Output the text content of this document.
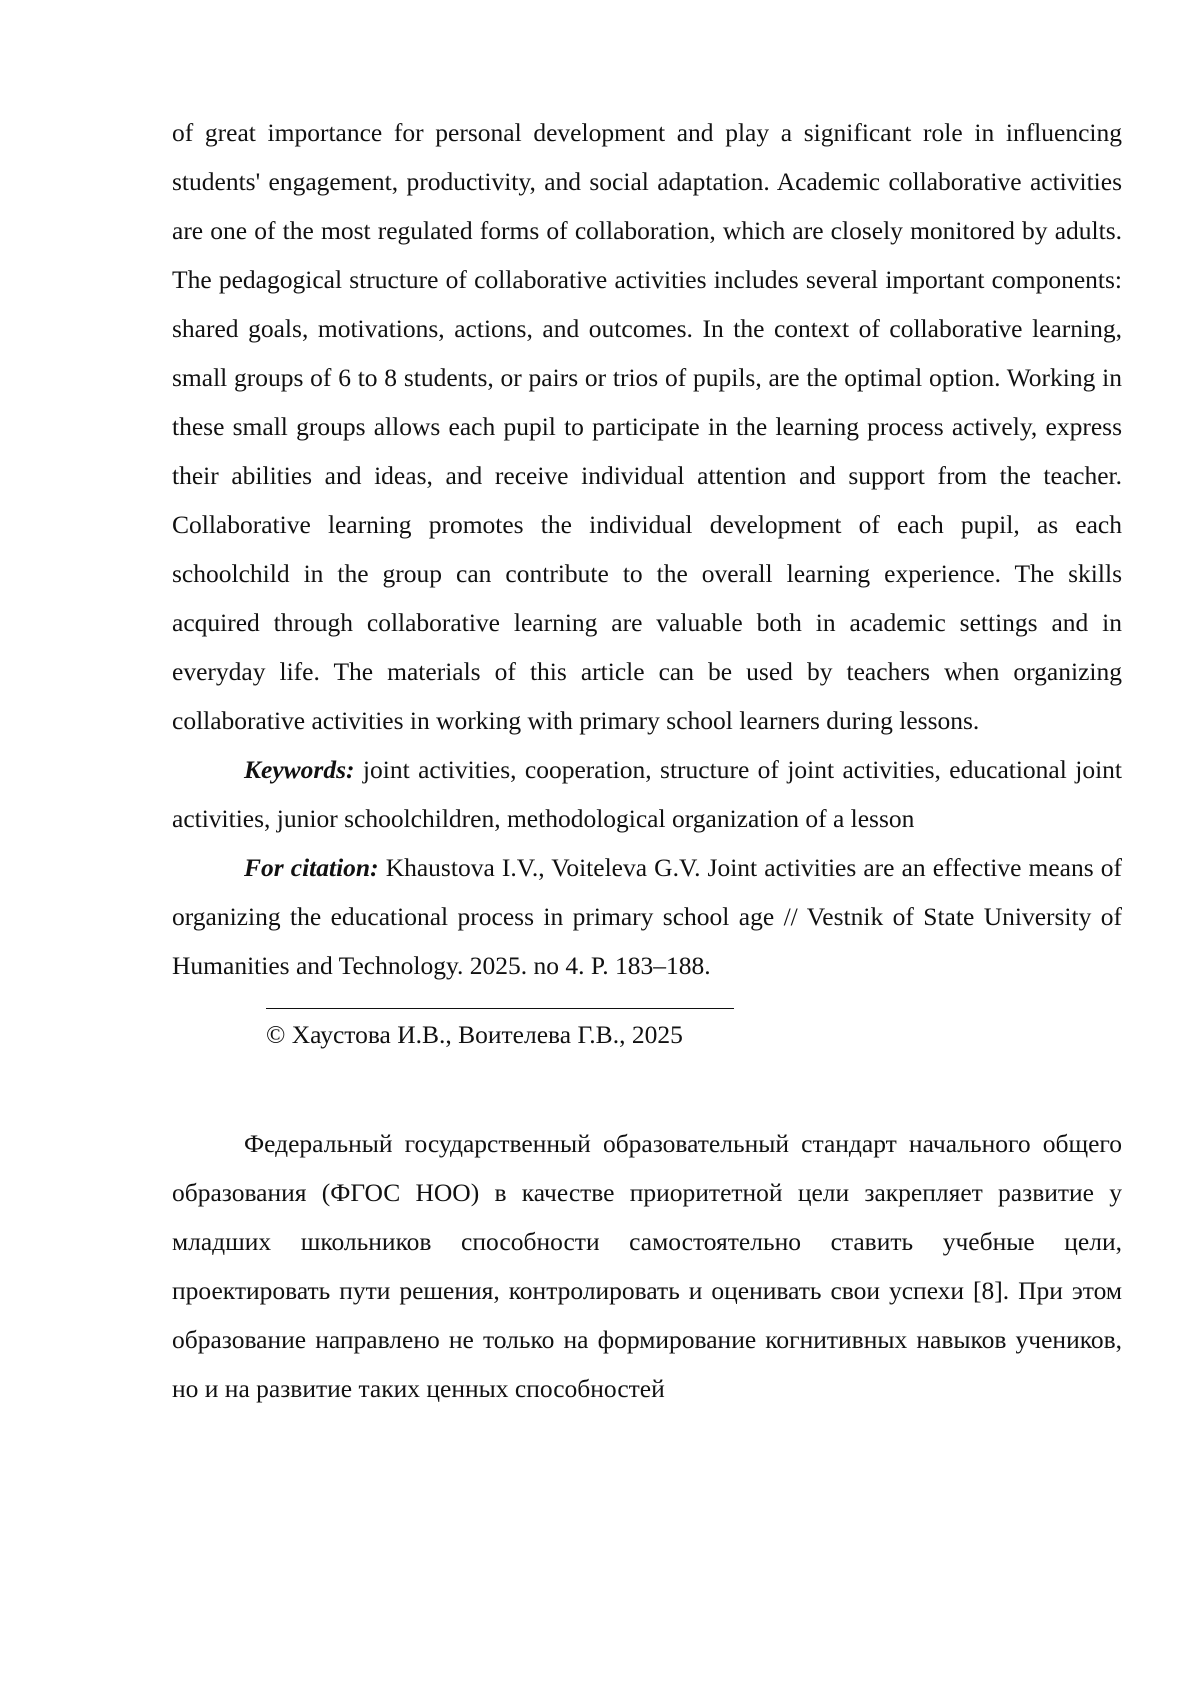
of great importance for personal development and play a significant role in influencing students' engagement, productivity, and social adaptation. Academic collaborative activities are one of the most regulated forms of collaboration, which are closely monitored by adults. The pedagogical structure of collaborative activities includes several important components: shared goals, motivations, actions, and outcomes. In the context of collaborative learning, small groups of 6 to 8 students, or pairs or trios of pupils, are the optimal option. Working in these small groups allows each pupil to participate in the learning process actively, express their abilities and ideas, and receive individual attention and support from the teacher. Collaborative learning promotes the individual development of each pupil, as each schoolchild in the group can contribute to the overall learning experience. The skills acquired through collaborative learning are valuable both in academic settings and in everyday life. The materials of this article can be used by teachers when organizing collaborative activities in working with primary school learners during lessons.

Keywords: joint activities, cooperation, structure of joint activities, educational joint activities, junior schoolchildren, methodological organization of a lesson

For citation: Khaustova I.V., Voiteleva G.V. Joint activities are an effective means of organizing the educational process in primary school age // Vestnik of State University of Humanities and Technology. 2025. no 4. P. 183–188.

© Хаустова И.В., Воителева Г.В., 2025

Федеральный государственный образовательный стандарт начального общего образования (ФГОС НОО) в качестве приоритетной цели закрепляет развитие у младших школьников способности самостоятельно ставить учебные цели, проектировать пути решения, контролировать и оценивать свои успехи [8]. При этом образование направлено не только на формирование когнитивных навыков учеников, но и на развитие таких ценных способностей
